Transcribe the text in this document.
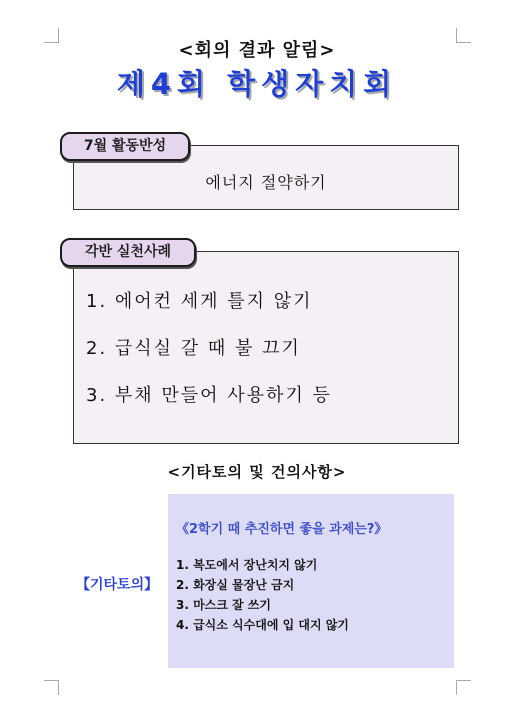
<회의 결과 알림>
제4회 학생자치회
에너지 절약하기
7월 활동반성
1. 에어컨 세게 틀지 않기
2. 급식실 갈 때 불 끄기
3. 부채 만들어 사용하기 등
각반 실천사례
<기타토의 및 건의사항>
【기타토의】
《2학기 때 추진하면 좋을 과제는?》
1. 복도에서 장난치지 않기
2. 화장실 물장난 금지
3. 마스크 잘 쓰기
4. 급식소 식수대에 입 대지 않기
